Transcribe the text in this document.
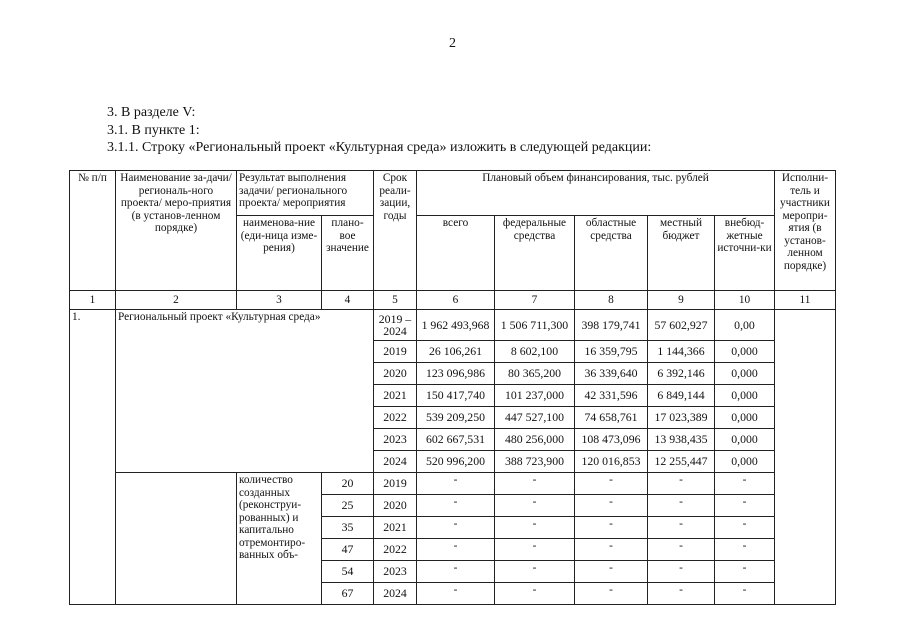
2
3. В разделе V:
3.1. В пункте 1:
3.1.1. Строку «Региональный проект «Культурная среда» изложить в следующей редакции:
№ п/п	Наименование за-дачи/ региональ-ного проекта/ меро-приятия (в установ-ленном порядке)	Результат выполнения задачи/ регионального проекта/ мероприятия		Срок реали-зации, годы	Плановый объем финансирования, тыс. рублей					Исполни-тель и участники меропри-ятия (в установ-ленном порядке)
		наименова-ние (еди-ница изме-рения)	плано-вое значение		всего	федеральные средства	областные средства	местный бюджет	внебюд-жетные источни-ки	
1	2	3	4	5	6	7	8	9	10	11
1.	Региональный проект «Культурная среда»			2019 – 2024	1 962 493,968	1 506 711,300	398 179,741	57 602,927	0,00	
				2019	26 106,261	8 602,100	16 359,795	1 144,366	0,000	
				2020	123 096,986	80 365,200	36 339,640	6 392,146	0,000	
				2021	150 417,740	101 237,000	42 331,596	6 849,144	0,000	
				2022	539 209,250	447 527,100	74 658,761	17 023,389	0,000	
				2023	602 667,531	480 256,000	108 473,096	13 938,435	0,000	
				2024	520 996,200	388 723,900	120 016,853	12 255,447	0,000	
		количество созданных (реконструи-рованных) и капитально отремонтиро-ванных объ-	20	2019	-	-	-	-	-	
			25	2020	-	-	-	-	-	
			35	2021	-	-	-	-	-	
			47	2022	-	-	-	-	-	
			54	2023	-	-	-	-	-	
			67	2024	-	-	-	-	-	
